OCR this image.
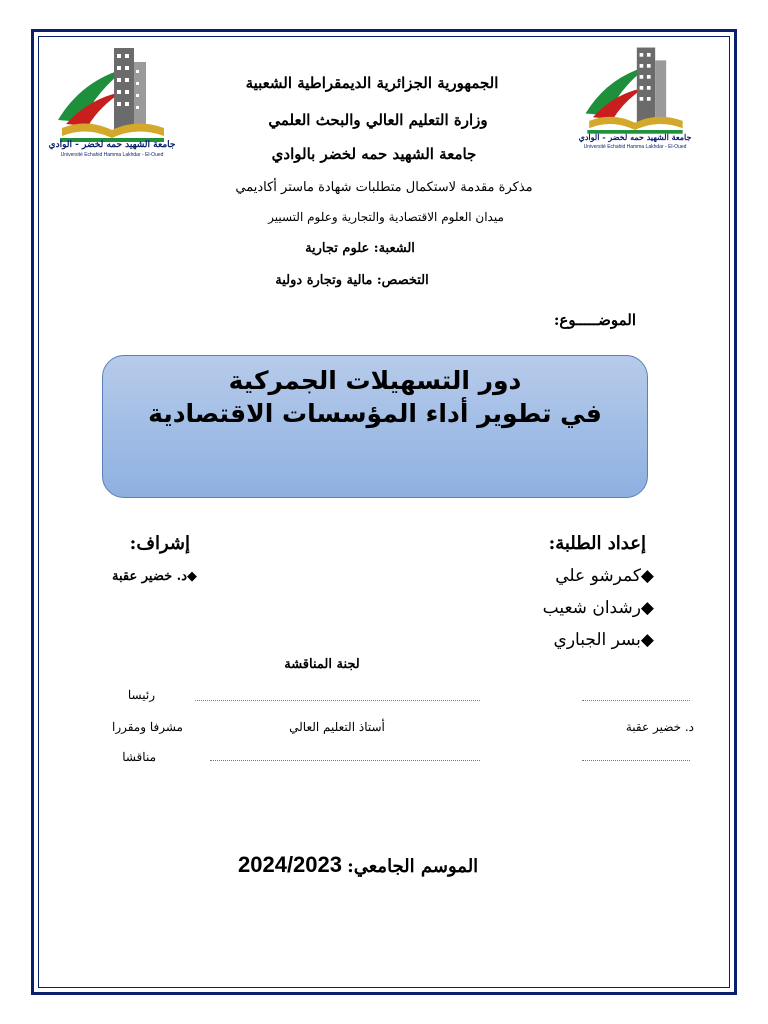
جامعة الشهيد حمه لخضر - الوادي
Université Echahid Hamma Lakhdar - El-Oued
جامعة الشهيد حمه لخضر - الوادي
Université Echahid Hamma Lakhdar - El-Oued
الجمهورية الجزائرية الديمقراطية الشعبية
وزارة التعليم العالي والبحث العلمي
جامعة الشهيد حمه لخضر بالوادي
مذكرة مقدمة لاستكمال متطلبات شهادة ماستر أكاديمي
ميدان العلوم الاقتصادية والتجارية وعلوم التسيير
الشعبة: علوم تجارية
التخصص: مالية وتجارة دولية
الموضـــــوع:
دور التسهيلات الجمركية
في تطوير أداء المؤسسات الاقتصادية
إعداد الطلبة:
◆كمرشو علي
◆رشدان شعيب
◆بسر الجباري
إشراف:
◆د. خضير عقبة
لجنة المناقشة
رئيسا
د. خضير عقبة
أستاذ التعليم العالي
مشرفا ومقررا
مناقشا
2024/2023 الموسم الجامعي:
